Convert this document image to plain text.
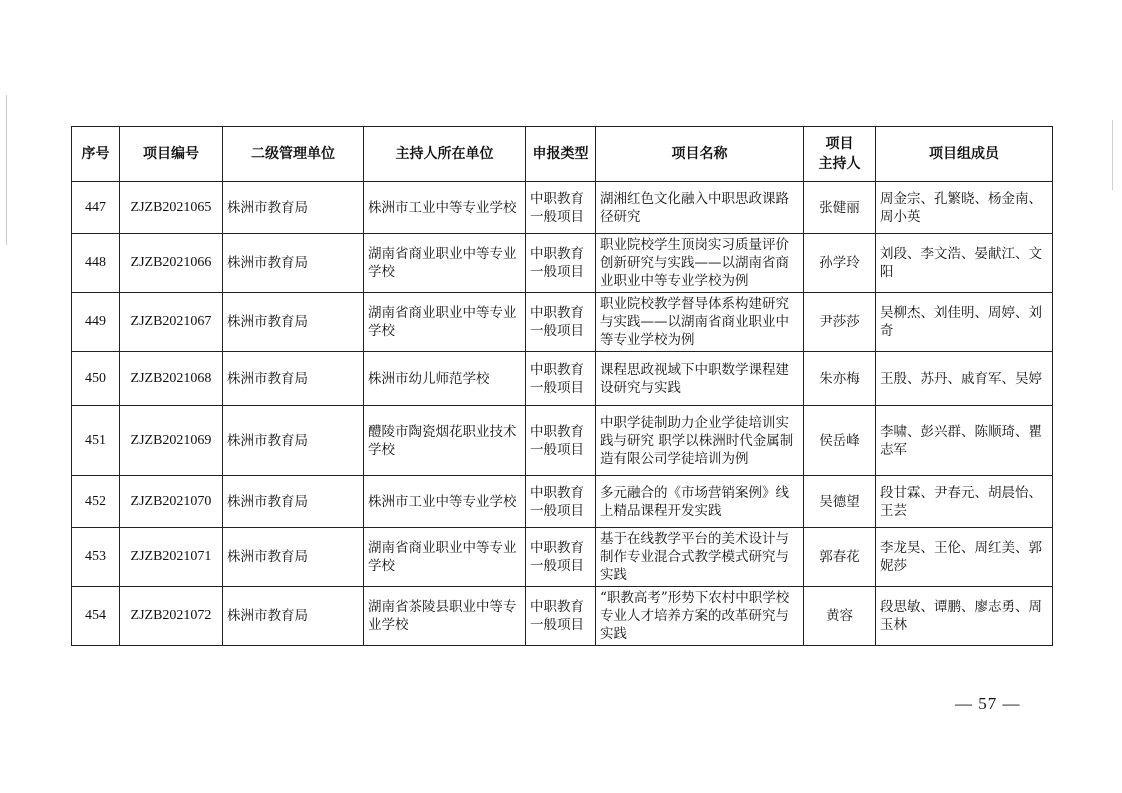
序号	项目编号	二级管理单位	主持人所在单位	申报类型	项目名称	项目
主持人	项目组成员
447	ZJZB2021065	株洲市教育局	株洲市工业中等专业学校	中职教育一般项目	湖湘红色文化融入中职思政课路径研究	张健丽	周金宗、孔繁晓、杨金南、周小英
448	ZJZB2021066	株洲市教育局	湖南省商业职业中等专业学校	中职教育一般项目	职业院校学生顶岗实习质量评价创新研究与实践——以湖南省商业职业中等专业学校为例	孙学玲	刘段、李文浩、晏献江、文阳
449	ZJZB2021067	株洲市教育局	湖南省商业职业中等专业学校	中职教育一般项目	职业院校教学督导体系构建研究与实践——以湖南省商业职业中等专业学校为例	尹莎莎	吴柳杰、刘佳明、周婷、刘奇
450	ZJZB2021068	株洲市教育局	株洲市幼儿师范学校	中职教育一般项目	课程思政视域下中职数学课程建设研究与实践	朱亦梅	王殷、苏丹、戚育军、吴婷
451	ZJZB2021069	株洲市教育局	醴陵市陶瓷烟花职业技术学校	中职教育一般项目	中职学徒制助力企业学徒培训实践与研究 职学以株洲时代金属制造有限公司学徒培训为例	侯岳峰	李啸、彭兴群、陈顺琦、瞿志军
452	ZJZB2021070	株洲市教育局	株洲市工业中等专业学校	中职教育一般项目	多元融合的《市场营销案例》线上精品课程开发实践	吴德望	段甘霖、尹春元、胡晨怡、王芸
453	ZJZB2021071	株洲市教育局	湖南省商业职业中等专业学校	中职教育一般项目	基于在线教学平台的美术设计与制作专业混合式教学模式研究与实践	郭春花	李龙昊、王伦、周红美、郭妮莎
454	ZJZB2021072	株洲市教育局	湖南省茶陵县职业中等专业学校	中职教育一般项目	“职教高考”形势下农村中职学校专业人才培养方案的改革研究与实践	黄容	段思敏、谭鹏、廖志勇、周玉林
— 57 —
